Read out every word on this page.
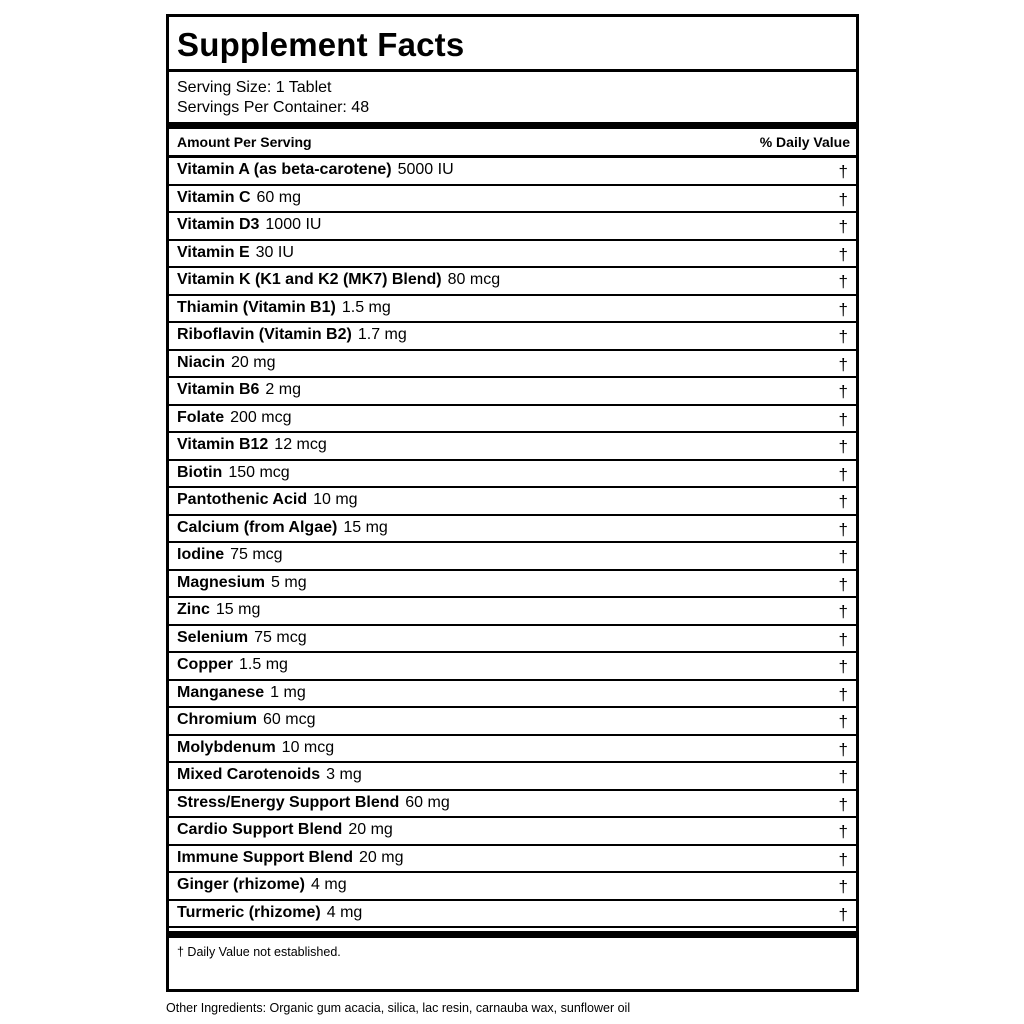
Supplement Facts
Serving Size: 1 Tablet
Servings Per Container: 48
Amount Per Serving	% Daily Value
Vitamin A (as beta-carotene) 5000 IU	†
Vitamin C 60 mg	†
Vitamin D3 1000 IU	†
Vitamin E 30 IU	†
Vitamin K (K1 and K2 (MK7) Blend) 80 mcg	†
Thiamin (Vitamin B1) 1.5 mg	†
Riboflavin (Vitamin B2) 1.7 mg	†
Niacin 20 mg	†
Vitamin B6 2 mg	†
Folate 200 mcg	†
Vitamin B12 12 mcg	†
Biotin 150 mcg	†
Pantothenic Acid 10 mg	†
Calcium (from Algae) 15 mg	†
Iodine 75 mcg	†
Magnesium 5 mg	†
Zinc 15 mg	†
Selenium 75 mcg	†
Copper 1.5 mg	†
Manganese 1 mg	†
Chromium 60 mcg	†
Molybdenum 10 mcg	†
Mixed Carotenoids 3 mg	†
Stress/Energy Support Blend 60 mg	†
Cardio Support Blend 20 mg	†
Immune Support Blend 20 mg	†
Ginger (rhizome) 4 mg	†
Turmeric (rhizome) 4 mg	†
† Daily Value not established.
Other Ingredients: Organic gum acacia, silica, lac resin, carnauba wax, sunflower oil
